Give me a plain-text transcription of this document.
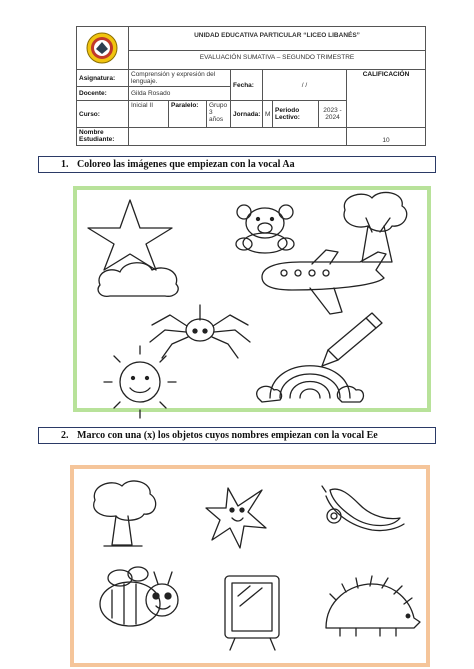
	UNIDAD EDUCATIVA PARTICULAR “LICEO LIBANÉS”							
	EVALUACIÓN SUMATIVA – SEGUNDO TRIMESTRE							
Asignatura:	Comprensión y expresión del lenguaje.			Fecha:	/ /			CALIFICACIÓN
Docente:	Gilda Rosado							
Curso:	Inicial II	Paralelo:	Grupo 3 años	Jornada:	M	Periodo Lectivo:	2023 - 2024	
Nombre Estudiante:								10
1. Coloreo las imágenes que empiezan con la vocal Aa
2. Marco con una (x) los objetos cuyos nombres empiezan con la vocal Ee
